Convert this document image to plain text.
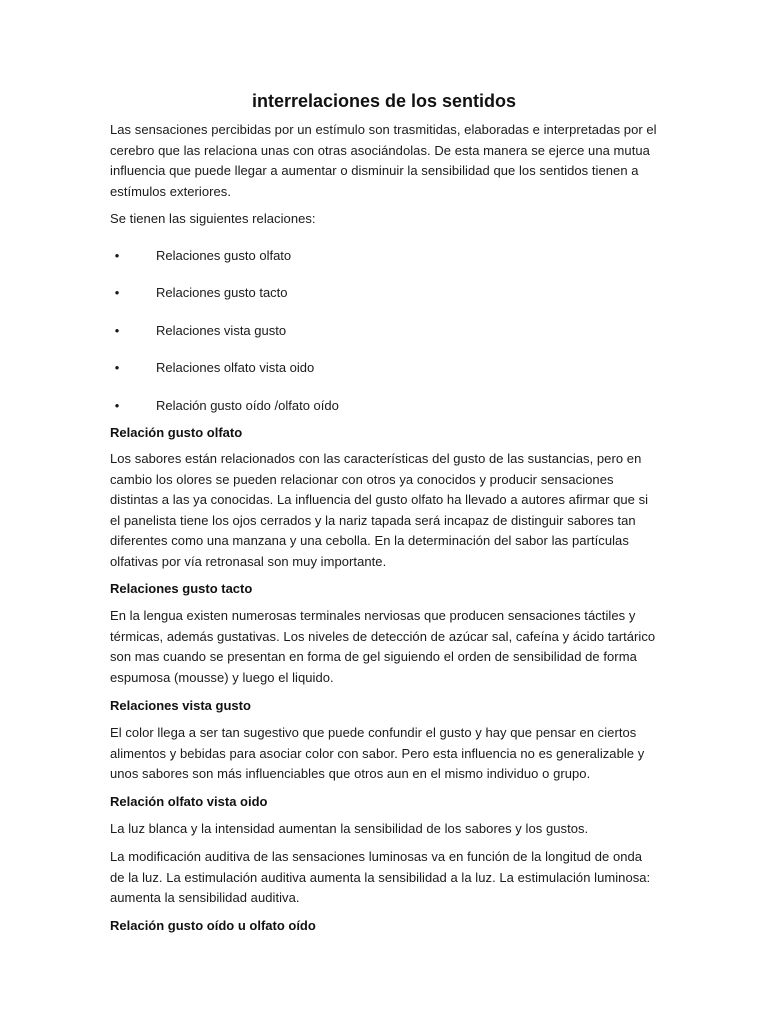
interrelaciones de los sentidos

Las sensaciones percibidas por un estímulo son trasmitidas, elaboradas e interpretadas por el cerebro que las relaciona unas con otras asociándolas. De esta manera se ejerce una mutua influencia que puede llegar a aumentar o disminuir la sensibilidad que los sentidos tienen a estímulos exteriores.

Se tienen las siguientes relaciones:

•	Relaciones gusto olfato
•	Relaciones gusto tacto
•	Relaciones vista gusto
•	Relaciones olfato vista oido
•	Relación gusto oído /olfato oído
Relación gusto olfato

Los sabores están relacionados con las características del gusto de las sustancias, pero en cambio los olores se pueden relacionar con otros ya conocidos y producir sensaciones distintas a las ya conocidas. La influencia del gusto olfato ha llevado a autores afirmar que si el panelista tiene los ojos cerrados y la nariz tapada será incapaz de distinguir sabores tan diferentes como una manzana y una cebolla. En la determinación del sabor las partículas olfativas por vía retronasal son muy importante.

Relaciones gusto tacto

En la lengua existen numerosas terminales nerviosas que producen sensaciones táctiles y térmicas, además gustativas. Los niveles de detección de azúcar sal, cafeína y ácido tartárico son mas cuando se presentan en forma de gel siguiendo el orden de sensibilidad de forma espumosa (mousse) y luego el liquido.

Relaciones vista gusto

El color llega a ser tan sugestivo que puede confundir el gusto y hay que pensar en ciertos alimentos y bebidas para asociar color con sabor. Pero esta influencia no es generalizable y unos sabores son más influenciables que otros aun en el mismo individuo o grupo.

Relación olfato vista oido

La luz blanca y la intensidad aumentan la sensibilidad de los sabores y los gustos.

La modificación auditiva de las sensaciones luminosas va en función de la longitud de onda de la luz. La estimulación auditiva aumenta la sensibilidad a la luz. La estimulación luminosa: aumenta la sensibilidad auditiva.

Relación gusto oído u olfato oído
